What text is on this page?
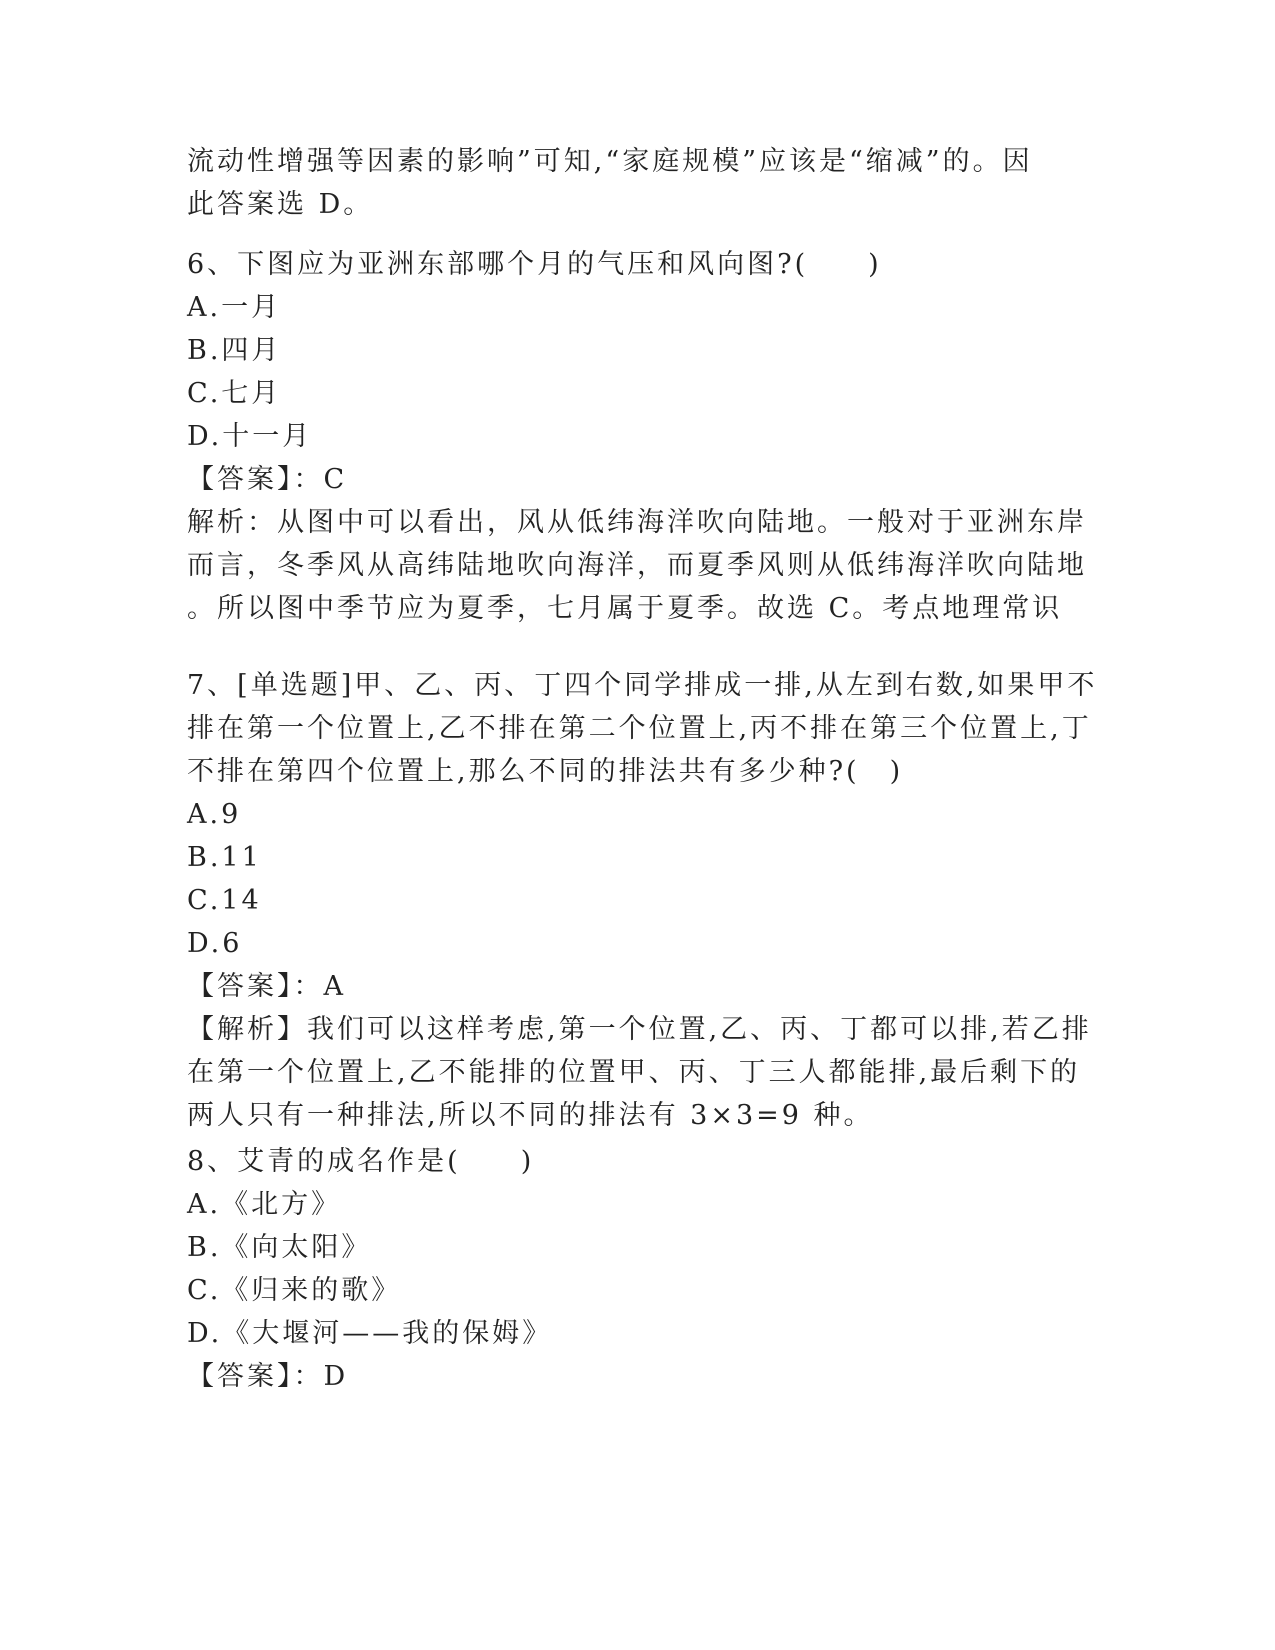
流动性增强等因素的影响”可知,“家庭规模”应该是“缩减”的。因
此答案选 D。
6、下图应为亚洲东部哪个月的气压和风向图?(　　)
A.一月
B.四月
C.七月
D.十一月
【答案】：C
解析：从图中可以看出，风从低纬海洋吹向陆地。一般对于亚洲东岸
而言，冬季风从高纬陆地吹向海洋，而夏季风则从低纬海洋吹向陆地
。所以图中季节应为夏季，七月属于夏季。故选 C。考点地理常识
7、[单选题]甲、乙、丙、丁四个同学排成一排,从左到右数,如果甲不
排在第一个位置上,乙不排在第二个位置上,丙不排在第三个位置上,丁
不排在第四个位置上,那么不同的排法共有多少种?(　)
A.9
B.11
C.14
D.6
【答案】：A
【解析】我们可以这样考虑,第一个位置,乙、丙、丁都可以排,若乙排
在第一个位置上,乙不能排的位置甲、丙、丁三人都能排,最后剩下的
两人只有一种排法,所以不同的排法有 3×3=9 种。
8、艾青的成名作是(　　)
A.《北方》
B.《向太阳》
C.《归来的歌》
D.《大堰河——我的保姆》
【答案】：D
